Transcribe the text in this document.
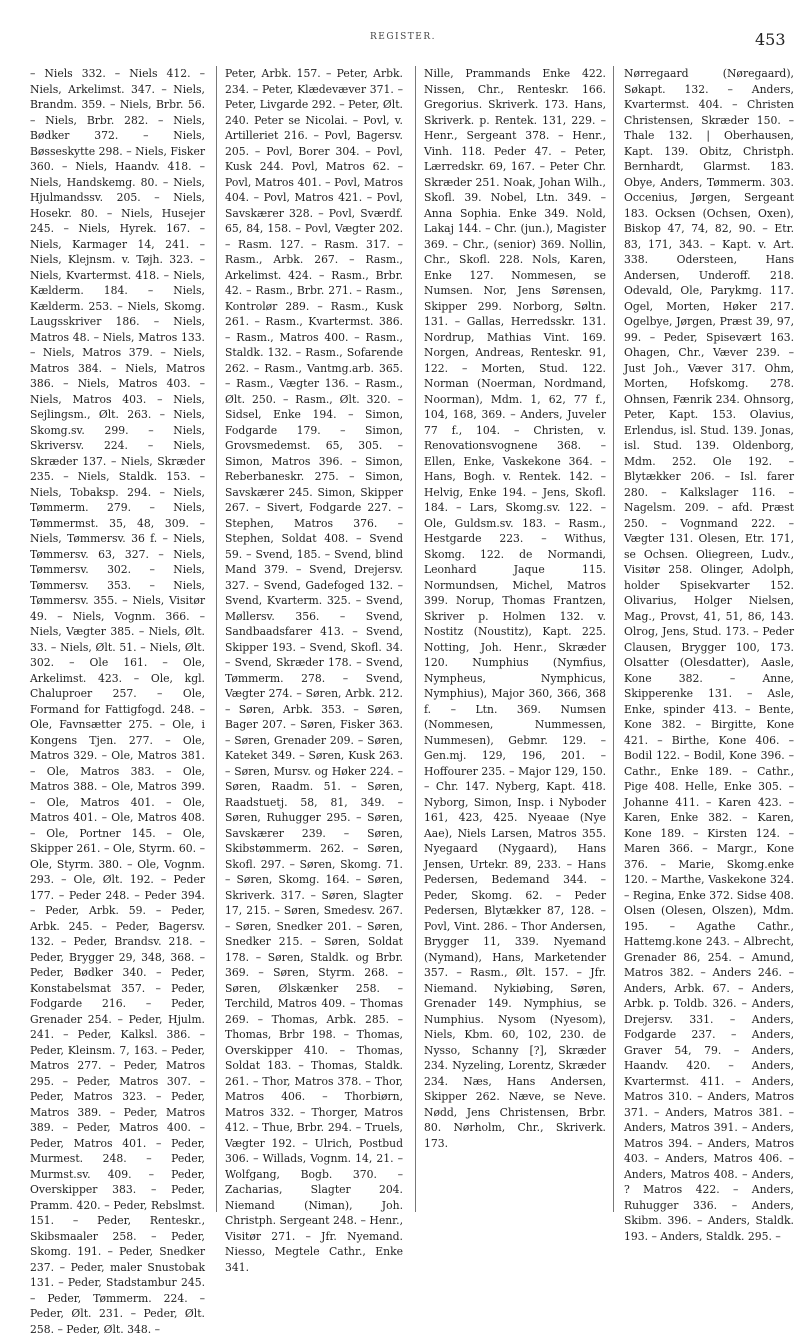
REGISTER.	453

– Niels 332. – Niels 412. – Niels, Arkelimst. 347. – Niels, Brandm. 359. – Niels, Brbr. 56. – Niels, Brbr. 282. – Niels, Bødker 372. – Niels, Bøsseskytte 298. – Niels, Fisker 360. – Niels, Haandv. 418. – Niels, Handskemg. 80. – Niels, Hjulmandssv. 205. – Niels, Hosekr. 80. – Niels, Husejer 245. – Niels, Hyrek. 167. – Niels, Karmager 14, 241. – Niels, Klejnsm. v. Tøjh. 323. – Niels, Kvartermst. 418. – Niels, Kælderm. 184. – Niels, Kælderm. 253. – Niels, Skomg. Laugsskriver 186. – Niels, Matros 48. – Niels, Matros 133. – Niels, Matros 379. – Niels, Matros 384. – Niels, Matros 386. – Niels, Matros 403. – Niels, Matros 403. – Niels, Sejlingsm., Ølt. 263. – Niels, Skomg.sv. 299. – Niels, Skriversv. 224. – Niels, Skræder 137. – Niels, Skræder 235. – Niels, Staldk. 153. – Niels, Tobaksp. 294. – Niels, Tømmerm. 279. – Niels, Tømmermst. 35, 48, 309. – Niels, Tømmersv. 36 f. – Niels, Tømmersv. 63, 327. – Niels, Tømmersv. 302. – Niels, Tømmersv. 353. – Niels, Tømmersv. 355. – Niels, Visitør 49. – Niels, Vognm. 366. – Niels, Vægter 385. – Niels, Ølt. 33. – Niels, Ølt. 51. – Niels, Ølt. 302. – Ole 161. – Ole, Arkelimst. 423. – Ole, kgl. Chaluproer 257. – Ole, Formand for Fattigfogd. 248. – Ole, Favnsætter 275. – Ole, i Kongens Tjen. 277. – Ole, Matros 329. – Ole, Matros 381. – Ole, Matros 383. – Ole, Matros 388. – Ole, Matros 399. – Ole, Matros 401. – Ole, Matros 401. – Ole, Matros 408. – Ole, Portner 145. – Ole, Skipper 261. – Ole, Styrm. 60. – Ole, Styrm. 380. – Ole, Vognm. 293. – Ole, Ølt. 192. – Peder 177. – Peder 248. – Peder 394. – Peder, Arbk. 59. – Peder, Arbk. 245. – Peder, Bagersv. 132. – Peder, Brandsv. 218. – Peder, Brygger 29, 348, 368. – Peder, Bødker 340. – Peder, Konstabelsmat 357. – Peder, Fodgarde 216. – Peder, Grenader 254. – Peder, Hjulm. 241. – Peder, Kalksl. 386. – Peder, Kleinsm. 7, 163. – Peder, Matros 277. – Peder, Matros 295. – Peder, Matros 307. – Peder, Matros 323. – Peder, Matros 389. – Peder, Matros 389. – Peder, Matros 400. – Peder, Matros 401. – Peder, Murmest. 248. – Peder, Murmst.sv. 409. – Peder, Overskipper 383. – Peder, Pramm. 420. – Peder, Rebslmst. 151. – Peder, Renteskr., Skibsmaaler 258. – Peder, Skomg. 191. – Peder, Snedker 237. – Peder, maler Snustobak 131. – Peder, Stadstambur 245. – Peder, Tømmerm. 224. – Peder, Ølt. 231. – Peder, Ølt. 258. – Peder, Ølt. 348. –

Peter, Arbk. 157. – Peter, Arbk. 234. – Peter, Klædevæver 371. – Peter, Livgarde 292. – Peter, Ølt. 240. Peter se Nicolai. – Povl, v. Artilleriet 216. – Povl, Bagersv. 205. – Povl, Borer 304. – Povl, Kusk 244. Povl, Matros 62. – Povl, Matros 401. – Povl, Matros 404. – Povl, Matros 421. – Povl, Savskærer 328. – Povl, Sværdf. 65, 84, 158. – Povl, Vægter 202. – Rasm. 127. – Rasm. 317. – Rasm., Arbk. 267. – Rasm., Arkelimst. 424. – Rasm., Brbr. 42. – Rasm., Brbr. 271. – Rasm., Kontrolør 289. – Rasm., Kusk 261. – Rasm., Kvartermst. 386. – Rasm., Matros 400. – Rasm., Staldk. 132. – Rasm., Sofarende 262. – Rasm., Vantmg.arb. 365. – Rasm., Vægter 136. – Rasm., Ølt. 250. – Rasm., Ølt. 320. – Sidsel, Enke 194. – Simon, Fodgarde 179. – Simon, Grovsmedemst. 65, 305. – Simon, Matros 396. – Simon, Reberbaneskr. 275. – Simon, Savskærer 245. Simon, Skipper 267. – Sivert, Fodgarde 227. – Stephen, Matros 376. – Stephen, Soldat 408. – Svend 59. – Svend, 185. – Svend, blind Mand 379. – Svend, Drejersv. 327. – Svend, Gadefoged 132. – Svend, Kvarterm. 325. – Svend, Møllersv. 356. – Svend, Sandbaadsfarer 413. – Svend, Skipper 193. – Svend, Skofl. 34. – Svend, Skræder 178. – Svend, Tømmerm. 278. – Svend, Vægter 274. – Søren, Arbk. 212. – Søren, Arbk. 353. – Søren, Bager 207. – Søren, Fisker 363. – Søren, Grenader 209. – Søren, Kateket 349. – Søren, Kusk 263. – Søren, Mursv. og Høker 224. – Søren, Raadm. 51. – Søren, Raadstuetj. 58, 81, 349. – Søren, Ruhugger 295. – Søren, Savskærer 239. – Søren, Skibstømmerm. 262. – Søren, Skofl. 297. – Søren, Skomg. 71. – Søren, Skomg. 164. – Søren, Skriverk. 317. – Søren, Slagter 17, 215. – Søren, Smedesv. 267. – Søren, Snedker 201. – Søren, Snedker 215. – Søren, Soldat 178. – Søren, Staldk. og Brbr. 369. – Søren, Styrm. 268. – Søren, Ølskænker 258. – Terchild, Matros 409. – Thomas 269. – Thomas, Arbk. 285. – Thomas, Brbr 198. – Thomas, Overskipper 410. – Thomas, Soldat 183. – Thomas, Staldk. 261. – Thor, Matros 378. – Thor, Matros 406. – Thorbiørn, Matros 332. – Thorger, Matros 412. – Thue, Brbr. 294. – Truels, Vægter 192. – Ulrich, Postbud 306. – Willads, Vognm. 14, 21. – Wolfgang, Bogb. 370. – Zacharias, Slagter 204. Niemand (Niman), Joh. Christph. Sergeant 248. – Henr., Visitør 271. – Jfr. Nyemand. Niesso, Megtele Cathr., Enke 341.

Nille, Prammands Enke 422. Nissen, Chr., Renteskr. 166. Gregorius. Skriverk. 173. Hans, Skriverk. p. Rentek. 131, 229. – Henr., Sergeant 378. – Henr., Vinh. 118. Peder 47. – Peter, Lærredskr. 69, 167. – Peter Chr. Skræder 251. Noak, Johan Wilh., Skofl. 39. Nobel, Ltn. 349. – Anna Sophia. Enke 349. Nold, Lakaj 144. – Chr. (jun.), Magister 369. – Chr., (senior) 369. Nollin, Chr., Skofl. 228. Nols, Karen, Enke 127. Nommesen, se Numsen. Nor, Jens Sørensen, Skipper 299. Norborg, Søltn. 131. – Gallas, Herredsskr. 131. Nordrup, Mathias Vint. 169. Norgen, Andreas, Renteskr. 91, 122. – Morten, Stud. 122. Norman (Noerman, Nordmand, Noorman), Mdm. 1, 62, 77 f., 104, 168, 369. – Anders, Juveler 77 f., 104. – Christen, v. Renovationsvognene 368. – Ellen, Enke, Vaskekone 364. – Hans, Bogh. v. Rentek. 142. – Helvig, Enke 194. – Jens, Skofl. 184. – Lars, Skomg.sv. 122. – Ole, Guldsm.sv. 183. – Rasm., Hestgarde 223. – Withus, Skomg. 122. de Normandi, Leonhard Jaque 115. Normundsen, Michel, Matros 399. Norup, Thomas Frantzen, Skriver p. Holmen 132. v. Nostitz (Noustitz), Kapt. 225. Notting, Joh. Henr., Skræder 120. Numphius (Nymfius, Nympheus, Nymphicus, Nymphius), Major 360, 366, 368 f. – Ltn. 369. Numsen (Nommesen, Nummessen, Nummesen), Gebmr. 129. – Gen.mj. 129, 196, 201. – Hoffourer 235. – Major 129, 150. – Chr. 147. Nyberg, Kapt. 418. Nyborg, Simon, Insp. i Nyboder 161, 423, 425. Nyeaae (Nye Aae), Niels Larsen, Matros 355. Nyegaard (Nygaard), Hans Jensen, Urtekr. 89, 233. – Hans Pedersen, Bedemand 344. – Peder, Skomg. 62. – Peder Pedersen, Blytækker 87, 128. – Povl, Vint. 286. – Thor Andersen, Brygger 11, 339. Nyemand (Nymand), Hans, Marketender 357. – Rasm., Ølt. 157. – Jfr. Niemand. Nykiøbing, Søren, Grenader 149. Nymphius, se Numphius. Nysom (Nyesom), Niels, Kbm. 60, 102, 230. de Nysso, Schanny [?], Skræder 234. Nyzeling, Lorentz, Skræder 234. Næs, Hans Andersen, Skipper 262. Næve, se Neve. Nødd, Jens Christensen, Brbr. 80. Nørholm, Chr., Skriverk. 173.

Nørregaard (Nøregaard), Søkapt. 132. – Anders, Kvartermst. 404. – Christen Christensen, Skræder 150. – Thale 132. | Oberhausen, Kapt. 139. Obitz, Christph. Bernhardt, Glarmst. 183. Obye, Anders, Tømmerm. 303. Occenius, Jørgen, Sergeant 183. Ocksen (Ochsen, Oxen), Biskop 47, 74, 82, 90. – Etr. 83, 171, 343. – Kapt. v. Art. 338. Odersteen, Hans Andersen, Underoff. 218. Odevald, Ole, Parykmg. 117. Ogel, Morten, Høker 217. Ogelbye, Jørgen, Præst 39, 97, 99. – Peder, Spisevært 163. Ohagen, Chr., Væver 239. – Just Joh., Væver 317. Ohm, Morten, Hofskomg. 278. Ohnsen, Fænrik 234. Ohnsorg, Peter, Kapt. 153. Olavius, Erlendus, isl. Stud. 139. Jonas, isl. Stud. 139. Oldenborg, Mdm. 252. Ole 192. – Blytækker 206. – Isl. farer 280. – Kalkslager 116. – Nagelsm. 209. – afd. Præst 250. – Vognmand 222. – Vægter 131. Olesen, Etr. 171, se Ochsen. Oliegreen, Ludv., Visitør 258. Olinger, Adolph, holder Spisekvarter 152. Olivarius, Holger Nielsen, Mag., Provst, 41, 51, 86, 143. Olrog, Jens, Stud. 173. – Peder Clausen, Brygger 100, 173. Olsatter (Olesdatter), Aasle, Kone 382. – Anne, Skipperenke 131. – Asle, Enke, spinder 413. – Bente, Kone 382. – Birgitte, Kone 421. – Birthe, Kone 406. – Bodil 122. – Bodil, Kone 396. – Cathr., Enke 189. – Cathr., Pige 408. Helle, Enke 305. – Johanne 411. – Karen 423. – Karen, Enke 382. – Karen, Kone 189. – Kirsten 124. – Maren 366. – Margr., Kone 376. – Marie, Skomg.enke 120. – Marthe, Vaskekone 324. – Regina, Enke 372. Sidse 408. Olsen (Olesen, Olszen), Mdm. 195. – Agathe Cathr., Hattemg.kone 243. – Albrecht, Grenader 86, 254. – Amund, Matros 382. – Anders 246. – Anders, Arbk. 67. – Anders, Arbk. p. Toldb. 326. – Anders, Drejersv. 331. – Anders, Fodgarde 237. – Anders, Graver 54, 79. – Anders, Haandv. 420. – Anders, Kvartermst. 411. – Anders, Matros 310. – Anders, Matros 371. – Anders, Matros 381. – Anders, Matros 391. – Anders, Matros 394. – Anders, Matros 403. – Anders, Matros 406. – Anders, Matros 408. – Anders, ? Matros 422. – Anders, Ruhugger 336. – Anders, Skibm. 396. – Anders, Staldk. 193. – Anders, Staldk. 295. –
